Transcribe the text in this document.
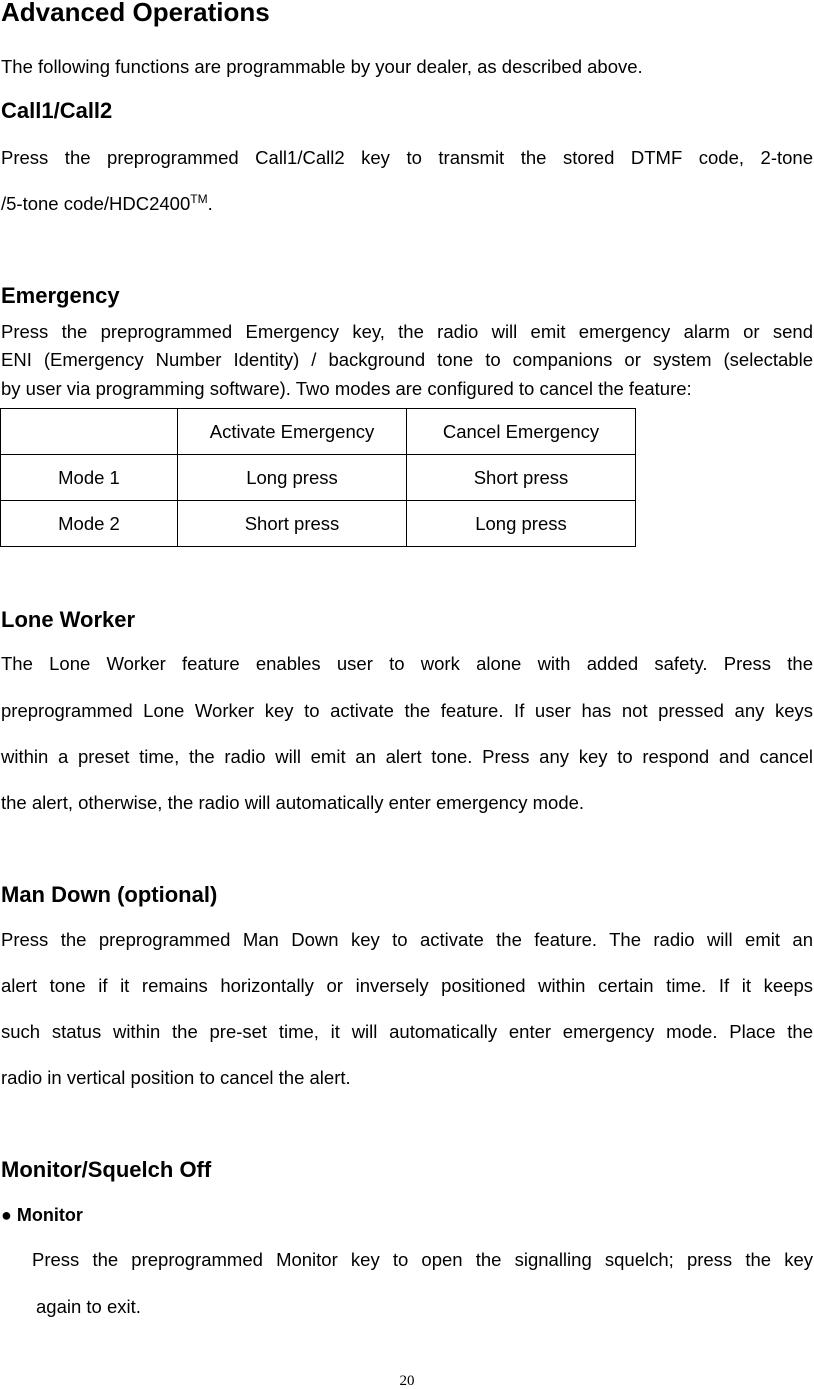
Advanced Operations
The following functions are programmable by your dealer, as described above.
Call1/Call2
Press the preprogrammed Call1/Call2 key to transmit the stored DTMF code, 2-tone
/5-tone code/HDC2400™.
Emergency
Press the preprogrammed Emergency key, the radio will emit emergency alarm or send
ENI (Emergency Number Identity) / background tone to companions or system (selectable
by user via programming software). Two modes are configured to cancel the feature:
	Activate Emergency	Cancel Emergency
Mode 1	Long press	Short press
Mode 2	Short press	Long press
Lone Worker
The Lone Worker feature enables user to work alone with added safety. Press the
preprogrammed Lone Worker key to activate the feature. If user has not pressed any keys
within a preset time, the radio will emit an alert tone. Press any key to respond and cancel
the alert, otherwise, the radio will automatically enter emergency mode.
Man Down (optional)
Press the preprogrammed Man Down key to activate the feature. The radio will emit an
alert tone if it remains horizontally or inversely positioned within certain time. If it keeps
such status within the pre-set time, it will automatically enter emergency mode. Place the
radio in vertical position to cancel the alert.
Monitor/Squelch Off
● Monitor
Press the preprogrammed Monitor key to open the signalling squelch; press the key
again to exit.
20
